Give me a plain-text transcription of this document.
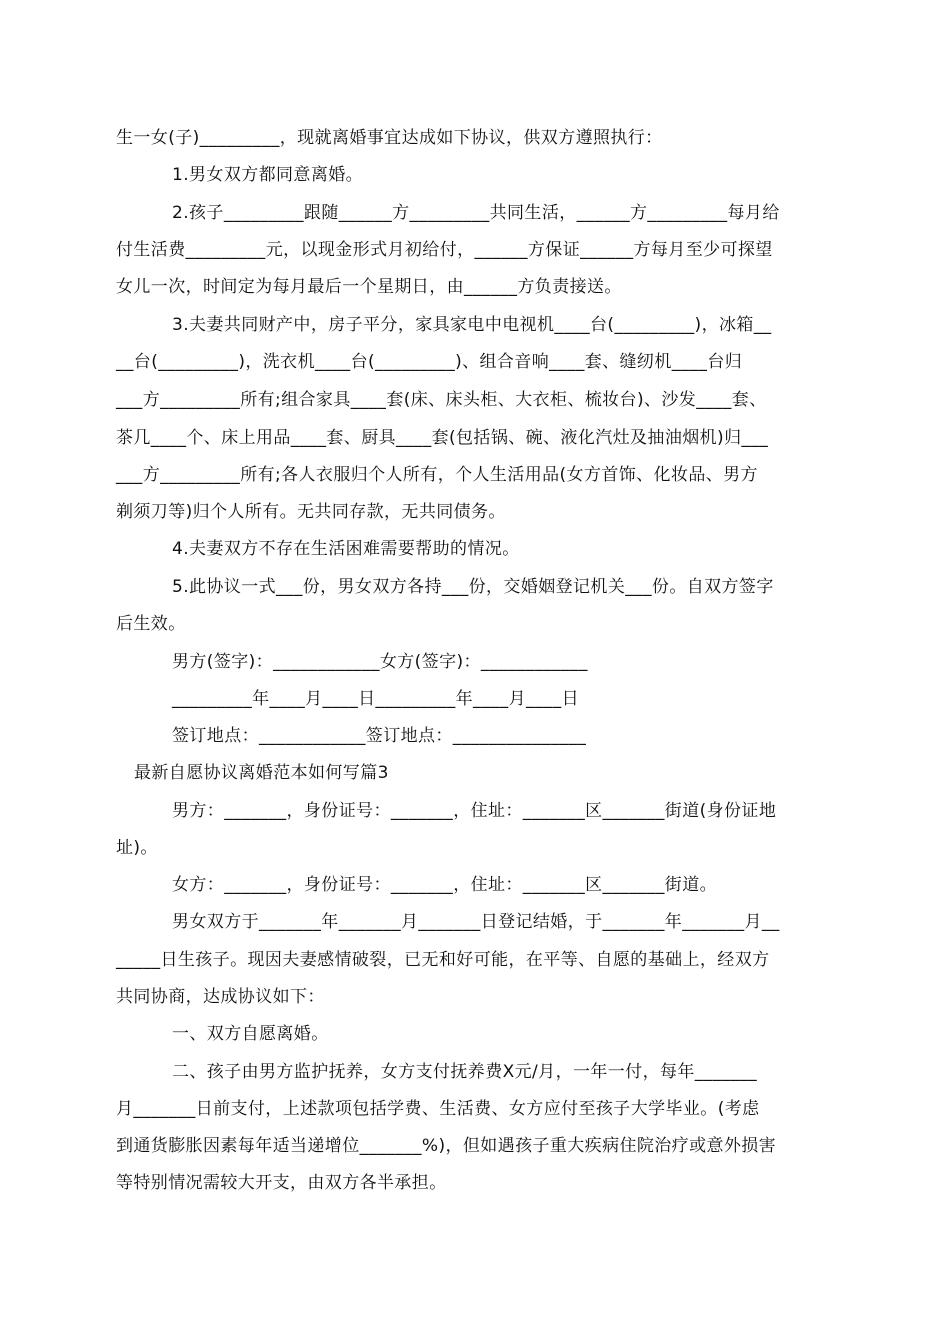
生一女(子)_________，现就离婚事宜达成如下协议，供双方遵照执行：
1.男女双方都同意离婚。
2.孩子_________跟随______方_________共同生活，______方_________每月给
付生活费_________元，以现金形式月初给付，______方保证______方每月至少可探望
女儿一次，时间定为每月最后一个星期日，由______方负责接送。
3.夫妻共同财产中，房子平分，家具家电中电视机____台(_________)，冰箱__
__台(_________)，洗衣机____台(_________)、组合音响____套、缝纫机____台归
___方_________所有;组合家具____套(床、床头柜、大衣柜、梳妆台)、沙发____套、
茶几____个、床上用品____套、厨具____套(包括锅、碗、液化汽灶及抽油烟机)归___
___方_________所有;各人衣服归个人所有，个人生活用品(女方首饰、化妆品、男方
剃须刀等)归个人所有。无共同存款，无共同债务。
4.夫妻双方不存在生活困难需要帮助的情况。
5.此协议一式___份，男女双方各持___份，交婚姻登记机关___份。自双方签字
后生效。
男方(签字)：____________女方(签字)：____________
_________年____月____日_________年____月____日
签订地点：____________签订地点：_______________
最新自愿协议离婚范本如何写篇3
男方：_______，身份证号：_______，住址：_______区_______街道(身份证地
址)。
女方：_______，身份证号：_______，住址：_______区_______街道。
男女双方于_______年_______月_______日登记结婚，于_______年_______月__
_____日生孩子。现因夫妻感情破裂，已无和好可能，在平等、自愿的基础上，经双方
共同协商，达成协议如下：
一、双方自愿离婚。
二、孩子由男方监护抚养，女方支付抚养费X元/月，一年一付，每年_______
月_______日前支付，上述款项包括学费、生活费、女方应付至孩子大学毕业。(考虑
到通货膨胀因素每年适当递增位_______%)，但如遇孩子重大疾病住院治疗或意外损害
等特别情况需较大开支，由双方各半承担。
